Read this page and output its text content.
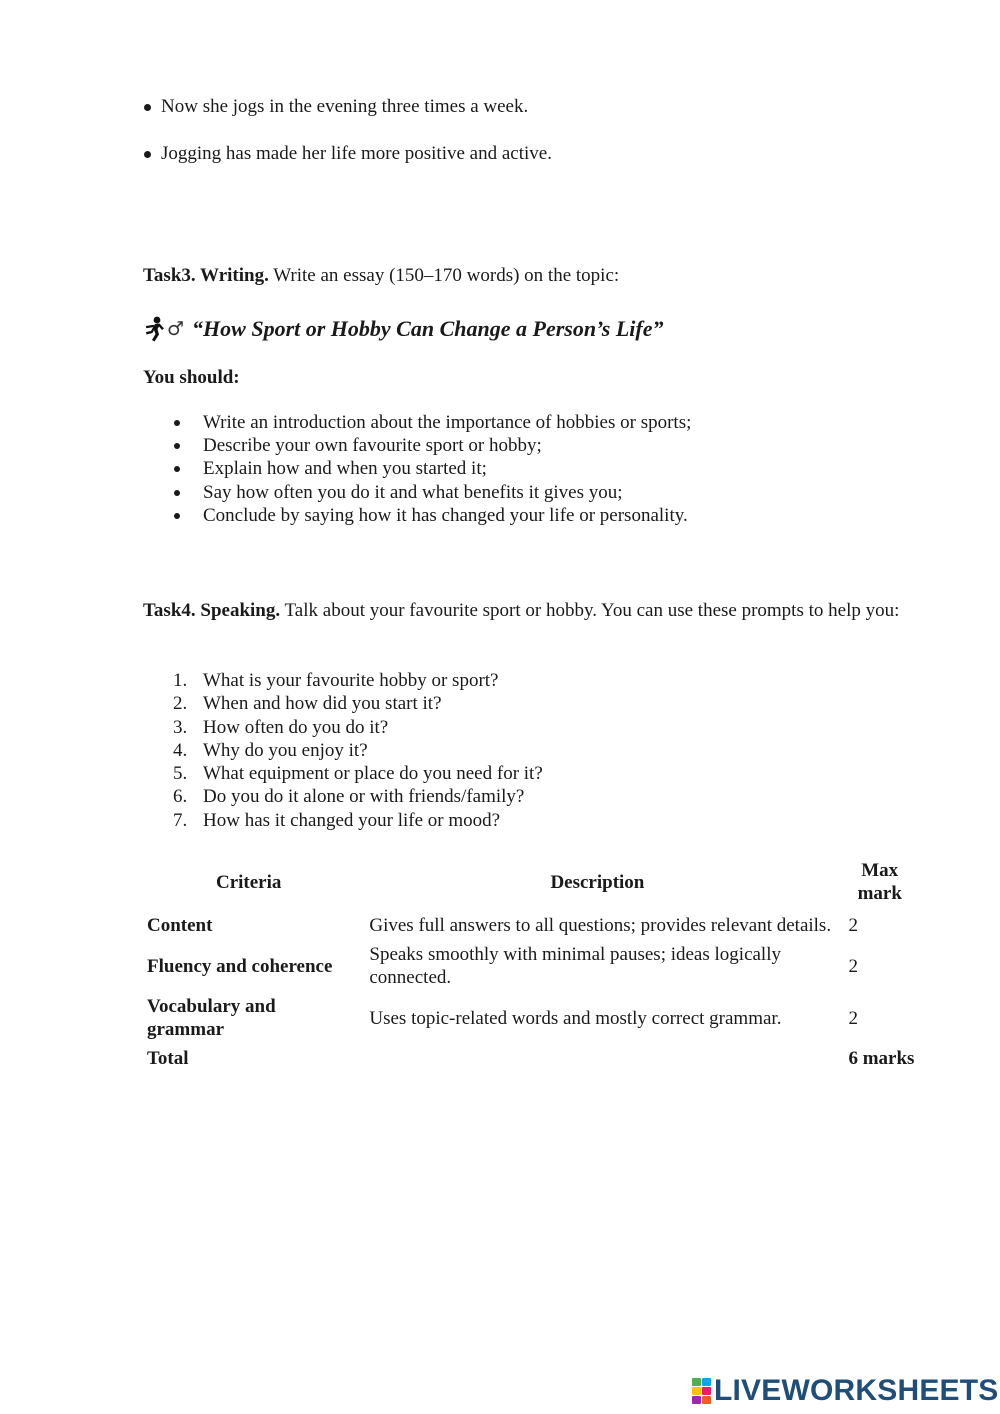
Now she jogs in the evening three times a week.
Jogging has made her life more positive and active.

Task3. Writing. Write an essay (150–170 words) on the topic:

♂ “How Sport or Hobby Can Change a Person’s Life”

You should:

Write an introduction about the importance of hobbies or sports;
Describe your own favourite sport or hobby;
Explain how and when you started it;
Say how often you do it and what benefits it gives you;
Conclude by saying how it has changed your life or personality.

Task4. Speaking. Talk about your favourite sport or hobby. You can use these prompts to help you:

1. What is your favourite hobby or sport?
2. When and how did you start it?
3. How often do you do it?
4. Why do you enjoy it?
5. What equipment or place do you need for it?
6. Do you do it alone or with friends/family?
7. How has it changed your life or mood?
Criteria	Description	Max mark
Content	Gives full answers to all questions; provides relevant details.	2
Fluency and coherence	Speaks smoothly with minimal pauses; ideas logically connected.	2
Vocabulary and grammar	Uses topic-related words and mostly correct grammar.	2
Total		6 marks
LIVEWORKSHEETS
